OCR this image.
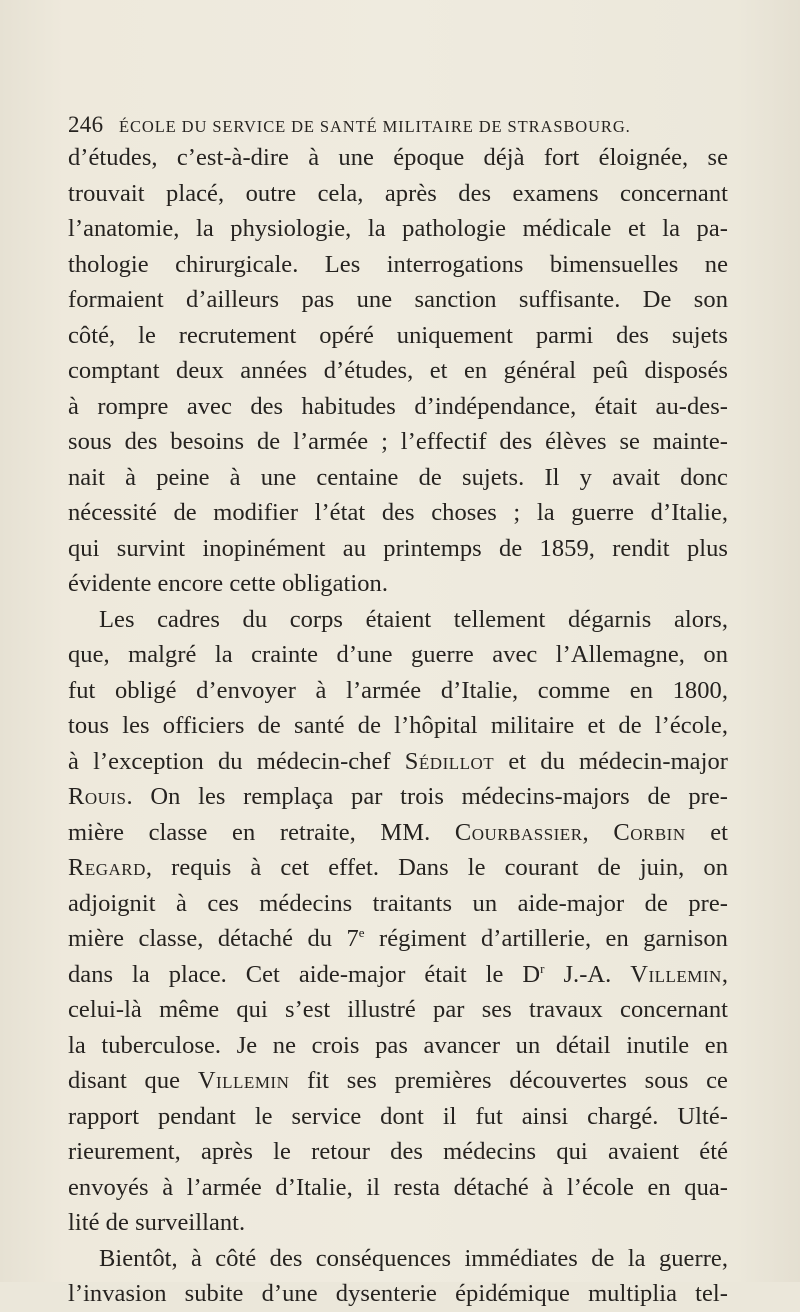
246 ÉCOLE DU SERVICE DE SANTÉ MILITAIRE DE STRASBOURG.
d’études, c’est-à-dire à une époque déjà fort éloignée, se
trouvait placé, outre cela, après des examens concernant
l’anatomie, la physiologie, la pathologie médicale et la pa-
thologie chirurgicale. Les interrogations bimensuelles ne
formaient d’ailleurs pas une sanction suffisante. De son
côté, le recrutement opéré uniquement parmi des sujets
comptant deux années d’études, et en général peû disposés
à rompre avec des habitudes d’indépendance, était au-des-
sous des besoins de l’armée ; l’effectif des élèves se mainte-
nait à peine à une centaine de sujets. Il y avait donc
nécessité de modifier l’état des choses ; la guerre d’Italie,
qui survint inopinément au printemps de 1859, rendit plus
évidente encore cette obligation.
Les cadres du corps étaient tellement dégarnis alors,
que, malgré la crainte d’une guerre avec l’Allemagne, on
fut obligé d’envoyer à l’armée d’Italie, comme en 1800,
tous les officiers de santé de l’hôpital militaire et de l’école,
à l’exception du médecin-chef Sédillot et du médecin-major
Rouis. On les remplaça par trois médecins-majors de pre-
mière classe en retraite, MM. Courbassier, Corbin et
Regard, requis à cet effet. Dans le courant de juin, on
adjoignit à ces médecins traitants un aide-major de pre-
mière classe, détaché du 7e régiment d’artillerie, en garnison
dans la place. Cet aide-major était le $D^r$ J.-A. Villemin,
celui-là même qui s’est illustré par ses travaux concernant
la tuberculose. Je ne crois pas avancer un détail inutile en
disant que Villemin fit ses premières découvertes sous ce
rapport pendant le service dont il fut ainsi chargé. Ulté-
rieurement, après le retour des médecins qui avaient été
envoyés à l’armée d’Italie, il resta détaché à l’école en qua-
lité de surveillant.
Bientôt, à côté des conséquences immédiates de la guerre,
l’invasion subite d’une dysenterie épidémique multiplia tel-
